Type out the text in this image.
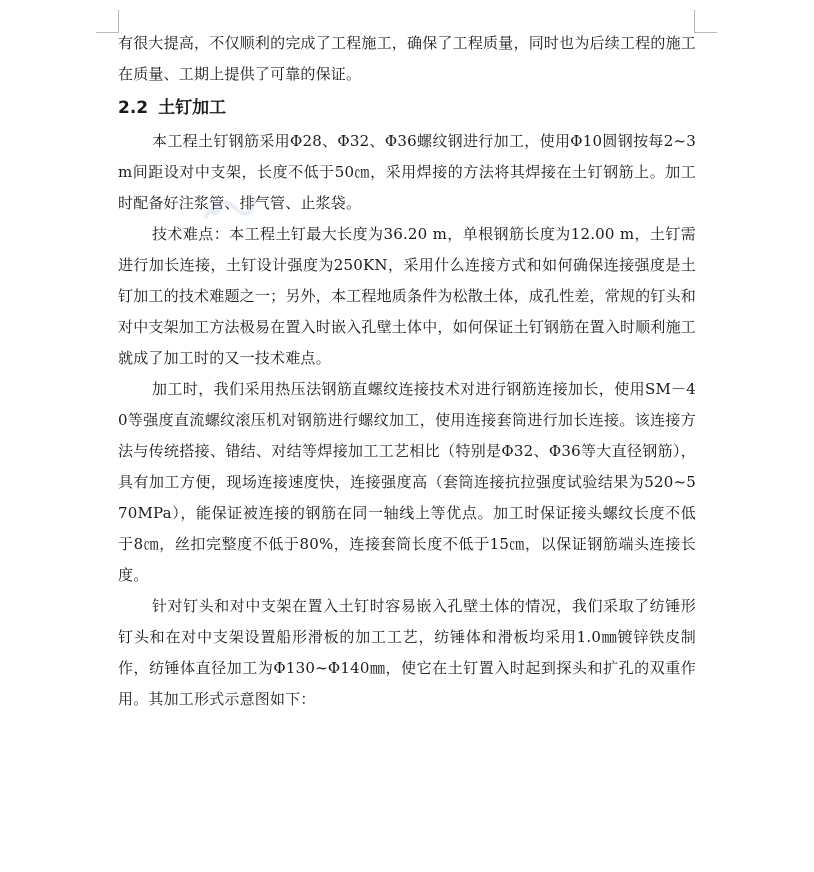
有很大提高，不仅顺利的完成了工程施工，确保了工程质量，同时也为后续工程的施工在质量、工期上提供了可靠的保证。

2.2 土钉加工

本工程土钉钢筋采用Φ28、Φ32、Φ36螺纹钢进行加工，使用Φ10圆钢按每2~3m间距设对中支架，长度不低于50㎝，采用焊接的方法将其焊接在土钉钢筋上。加工时配备好注浆管、排气管、止浆袋。

技术难点：本工程土钉最大长度为36.20 m，单根钢筋长度为12.00 m，土钉需进行加长连接，土钉设计强度为250KN，采用什么连接方式和如何确保连接强度是土钉加工的技术难题之一；另外，本工程地质条件为松散土体，成孔性差，常规的钉头和对中支架加工方法极易在置入时嵌入孔壁土体中，如何保证土钉钢筋在置入时顺利施工就成了加工时的又一技术难点。

加工时，我们采用热压法钢筋直螺纹连接技术对进行钢筋连接加长，使用SM－40等强度直流螺纹滚压机对钢筋进行螺纹加工，使用连接套筒进行加长连接。该连接方法与传统搭接、错结、对结等焊接加工工艺相比（特别是Φ32、Φ36等大直径钢筋），具有加工方便，现场连接速度快，连接强度高（套筒连接抗拉强度试验结果为520~570MPa），能保证被连接的钢筋在同一轴线上等优点。加工时保证接头螺纹长度不低于8㎝，丝扣完整度不低于80%，连接套筒长度不低于15㎝，以保证钢筋端头连接长度。

针对钉头和对中支架在置入土钉时容易嵌入孔壁土体的情况，我们采取了纺锤形钉头和在对中支架设置船形滑板的加工工艺，纺锤体和滑板均采用1.0㎜镀锌铁皮制作，纺锤体直径加工为Φ130~Φ140㎜，使它在土钉置入时起到探头和扩孔的双重作用。其加工形式示意图如下：
